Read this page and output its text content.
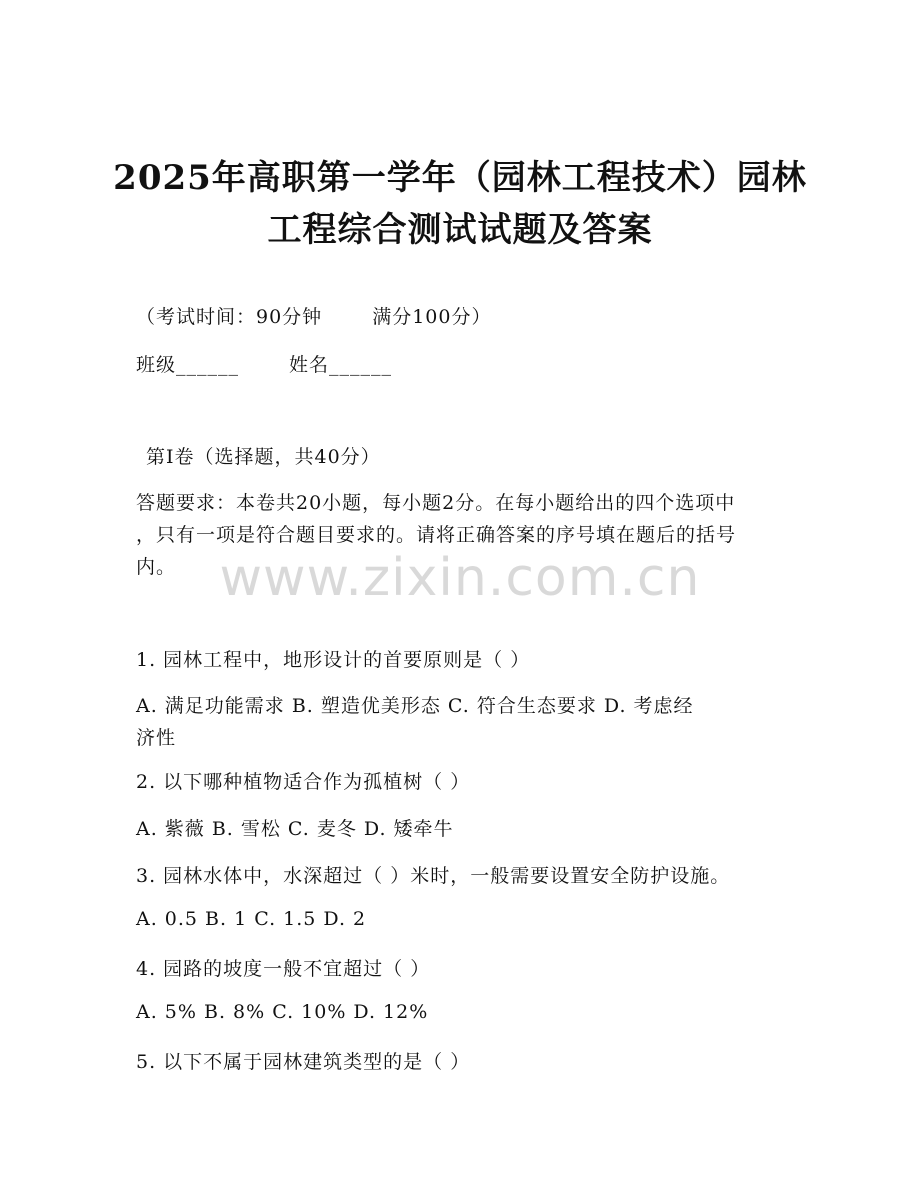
2025年高职第一学年（园林工程技术）园林
工程综合测试试题及答案
（考试时间：90分钟	满分100分）
班级______	姓名______
第Ⅰ卷（选择题，共40分）
答题要求：本卷共20小题，每小题2分。在每小题给出的四个选项中
，只有一项是符合题目要求的。请将正确答案的序号填在题后的括号
内。 www.zixin.com.cn
1. 园林工程中，地形设计的首要原则是（ ）
A. 满足功能需求 B. 塑造优美形态 C. 符合生态要求 D. 考虑经
济性
2. 以下哪种植物适合作为孤植树（ ）
A. 紫薇 B. 雪松 C. 麦冬 D. 矮牵牛
3. 园林水体中，水深超过（ ）米时，一般需要设置安全防护设施。
A. 0.5 B. 1 C. 1.5 D. 2
4. 园路的坡度一般不宜超过（ ）
A. 5% B. 8% C. 10% D. 12%
5. 以下不属于园林建筑类型的是（ ）
